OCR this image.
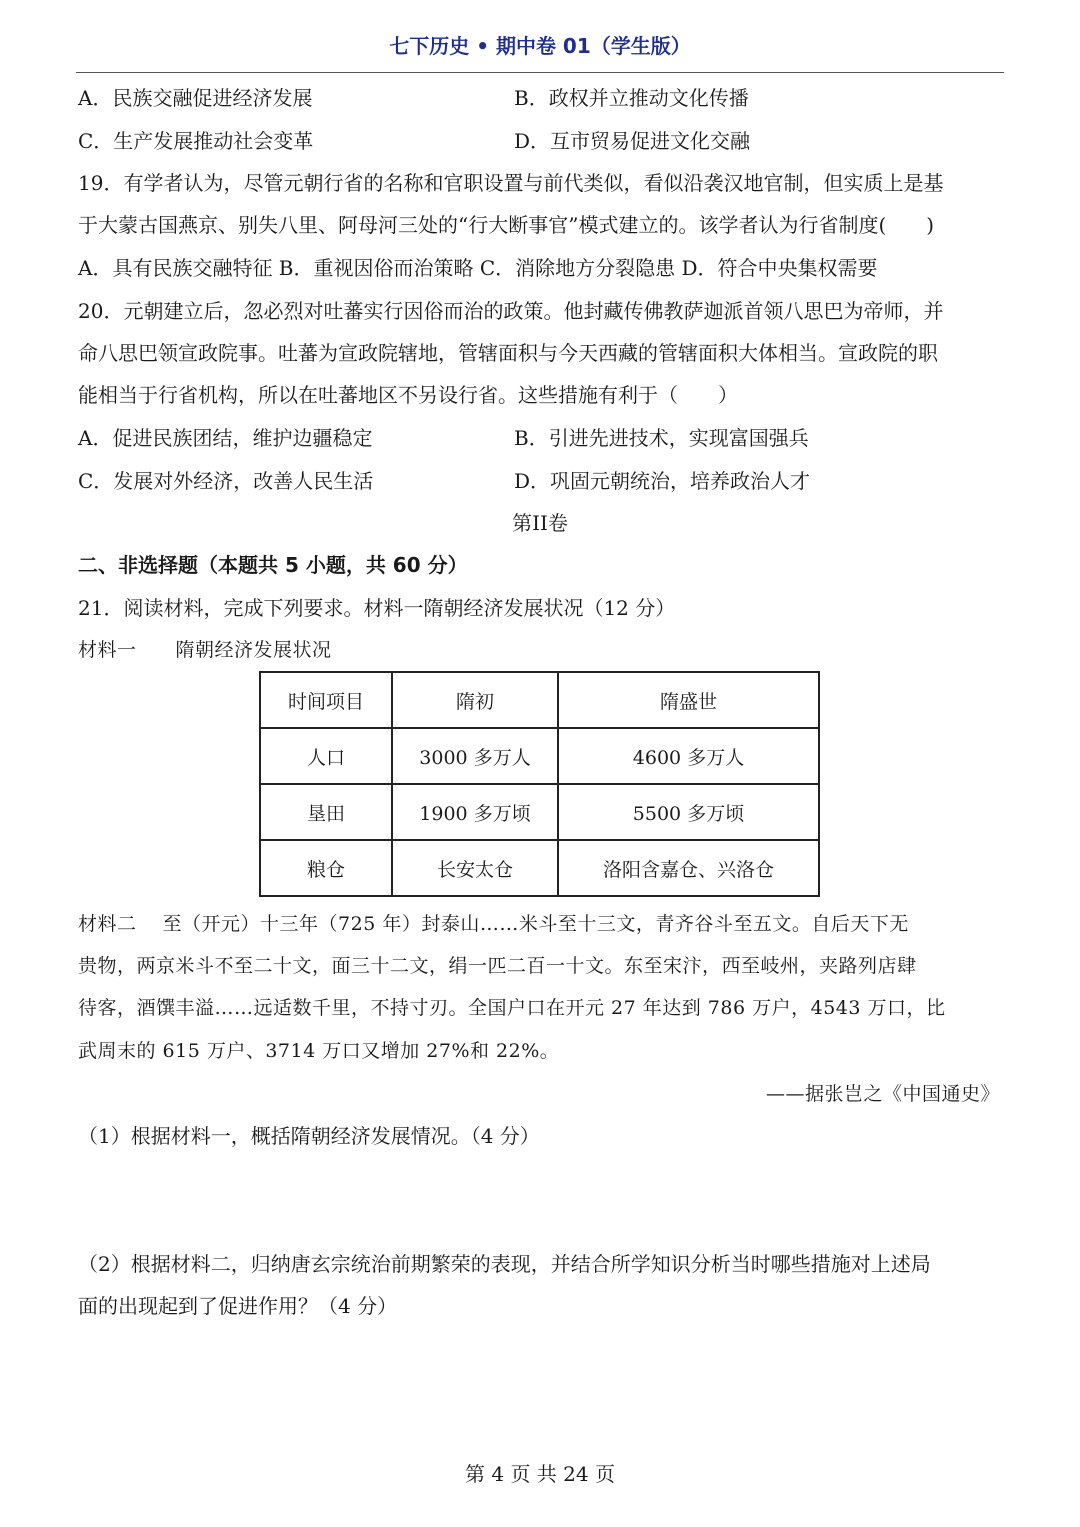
七下历史 • 期中卷 01（学生版）
A．民族交融促进经济发展	B．政权并立推动文化传播
C．生产发展推动社会变革	D．互市贸易促进文化交融
19．有学者认为，尽管元朝行省的名称和官职设置与前代类似，看似沿袭汉地官制，但实质上是基
于大蒙古国燕京、别失八里、阿母河三处的“行大断事官”模式建立的。该学者认为行省制度(　　)
A．具有民族交融特征 B．重视因俗而治策略 C．消除地方分裂隐患 D．符合中央集权需要
20．元朝建立后，忽必烈对吐蕃实行因俗而治的政策。他封藏传佛教萨迦派首领八思巴为帝师，并
命八思巴领宣政院事。吐蕃为宣政院辖地，管辖面积与今天西藏的管辖面积大体相当。宣政院的职
能相当于行省机构，所以在吐蕃地区不另设行省。这些措施有利于（　　）
A．促进民族团结，维护边疆稳定	B．引进先进技术，实现富国强兵
C．发展对外经济，改善人民生活	D．巩固元朝统治，培养政治人才
第II卷
二、非选择题（本题共 5 小题，共 60 分）
21．阅读材料，完成下列要求。材料一隋朝经济发展状况（12 分）
材料一　　隋朝经济发展状况
时间项目	隋初	隋盛世
人口	3000 多万人	4600 多万人
垦田	1900 多万顷	5500 多万顷
粮仓	长安太仓	洛阳含嘉仓、兴洛仓
材料二　 至（开元）十三年（725 年）封泰山……米斗至十三文，青齐谷斗至五文。自后天下无
贵物，两京米斗不至二十文，面三十二文，绢一匹二百一十文。东至宋汴，西至岐州，夹路列店肆
待客，酒馔丰溢……远适数千里，不持寸刃。全国户口在开元 27 年达到 786 万户，4543 万口，比
武周末的 615 万户、3714 万口又增加 27%和 22%。
——据张岂之《中国通史》
（1）根据材料一，概括隋朝经济发展情况。（4 分）
（2）根据材料二，归纳唐玄宗统治前期繁荣的表现，并结合所学知识分析当时哪些措施对上述局
面的出现起到了促进作用？（4 分）
第 4 页 共 24 页
